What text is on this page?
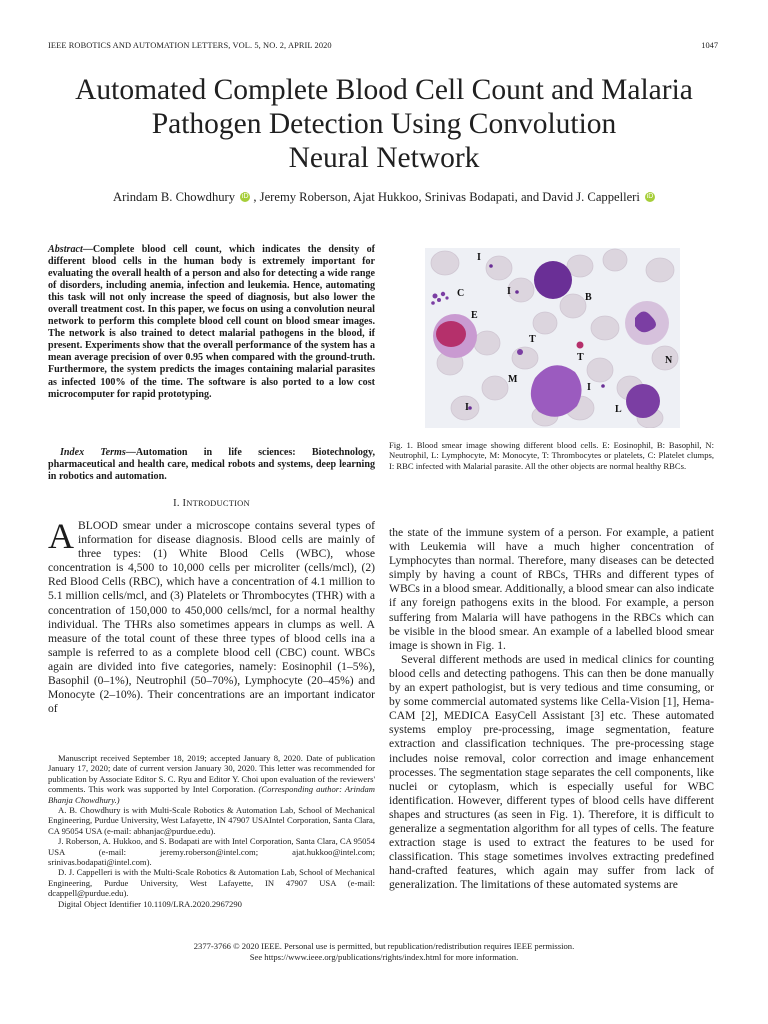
IEEE ROBOTICS AND AUTOMATION LETTERS, VOL. 5, NO. 2, APRIL 2020	1047
Automated Complete Blood Cell Count and Malaria
Pathogen Detection Using Convolution
Neural Network
Arindam B. Chowdhury iD , Jeremy Roberson, Ajat Hukkoo, Srinivas Bodapati, and David J. Cappelleri iD
Abstract—Complete blood cell count, which indicates the density of different blood cells in the human body is extremely important for evaluating the overall health of a person and also for detecting a wide range of disorders, including anemia, infection and leukemia. Hence, automating this task will not only increase the speed of diagnosis, but also lower the overall treatment cost. In this paper, we focus on using a convolution neural network to perform this complete blood cell count on blood smear images. The network is also trained to detect malarial pathogens in the blood, if present. Experiments show that the overall performance of the system has a mean average precision of over 0.95 when compared with the ground-truth. Furthermore, the system predicts the images containing malarial parasites as infected 100% of the time. The software is also ported to a low cost microcomputer for rapid prototyping.
Index Terms—Automation in life sciences: Biotechnology, pharmaceutical and health care, medical robots and systems, deep learning in robotics and automation.
I. INTRODUCTION
A BLOOD smear under a microscope contains several types of information for disease diagnosis. Blood cells are mainly of three types: (1) White Blood Cells (WBC), whose concentration is 4,500 to 10,000 cells per microliter (cells/mcl), (2) Red Blood Cells (RBC), which have a concentration of 4.1 million to 5.1 million cells/mcl, and (3) Platelets or Thrombocytes (THR) with a concentration of 150,000 to 450,000 cells/mcl, for a normal healthy individual. The THRs also sometimes appears in clumps as well. A measure of the total count of these three types of blood cells ina a sample is referred to as a complete blood cell (CBC) count. WBCs again are divided into five categories, namely: Eosinophil (1–5%), Basophil (0–1%), Neutrophil (50–70%), Lymphocyte (20–45%) and Monocyte (2–10%). Their concentrations are an important indicator of
I
C	B
I
E
T
T	N
M
I
I	L
Fig. 1. Blood smear image showing different blood cells. E: Eosinophil, B: Basophil, N: Neutrophil, L: Lymphocyte, M: Monocyte, T: Thrombocytes or platelets, C: Platelet clumps, I: RBC infected with Malarial parasite. All the other objects are normal healthy RBCs.

the state of the immune system of a person. For example, a patient with Leukemia will have a much higher concentration of Lymphocytes than normal. Therefore, many diseases can be detected simply by having a count of RBCs, THRs and different types of WBCs in a blood smear. Additionally, a blood smear can also indicate if any foreign pathogens exits in the blood. For example, a person suffering from Malaria will have pathogens in the RBCs which can be visible in the blood smear. An example of a labelled blood smear image is shown in Fig. 1.

Several different methods are used in medical clinics for counting blood cells and detecting pathogens. This can then be done manually by an expert pathologist, but is very tedious and time consuming, or by some commercial automated systems like Cella-Vision [1], Hema-CAM [2], MEDICA EasyCell Assistant [3] etc. These automated systems employ pre-processing, image segmentation, feature extraction and classification techniques. The pre-processing stage includes noise removal, color correction and image enhancement processes. The segmentation stage separates the cell components, like nuclei or cytoplasm, which is especially useful for WBC identification. However, different types of blood cells have different shapes and structures (as seen in Fig. 1). Therefore, it is difficult to generalize a segmentation algorithm for all types of cells. The feature extraction stage is used to extract the features to be used for classification. This stage sometimes involves extracting predefined hand-crafted features, which again may suffer from lack of generalization. The limitations of these automated systems are

Manuscript received September 18, 2019; accepted January 8, 2020. Date of publication January 17, 2020; date of current version January 30, 2020. This letter was recommended for publication by Associate Editor S. C. Ryu and Editor Y. Choi upon evaluation of the reviewers' comments. This work was supported by Intel Corporation. (Corresponding author: Arindam Bhanja Chowdhury.)

A. B. Chowdhury is with Multi-Scale Robotics & Automation Lab, School of Mechanical Engineering, Purdue University, West Lafayette, IN 47907 USAIntel Corporation, Santa Clara, CA 95054 USA (e-mail: abhanjac@purdue.edu).

J. Roberson, A. Hukkoo, and S. Bodapati are with Intel Corporation, Santa Clara, CA 95054 USA (e-mail: jeremy.roberson@intel.com; ajat.hukkoo@intel.com; srinivas.bodapati@intel.com).

D. J. Cappelleri is with the Multi-Scale Robotics & Automation Lab, School of Mechanical Engineering, Purdue University, West Lafayette, IN 47907 USA (e-mail: dcappell@purdue.edu).

Digital Object Identifier 10.1109/LRA.2020.2967290

2377-3766 © 2020 IEEE. Personal use is permitted, but republication/redistribution requires IEEE permission.
See https://www.ieee.org/publications/rights/index.html for more information.
